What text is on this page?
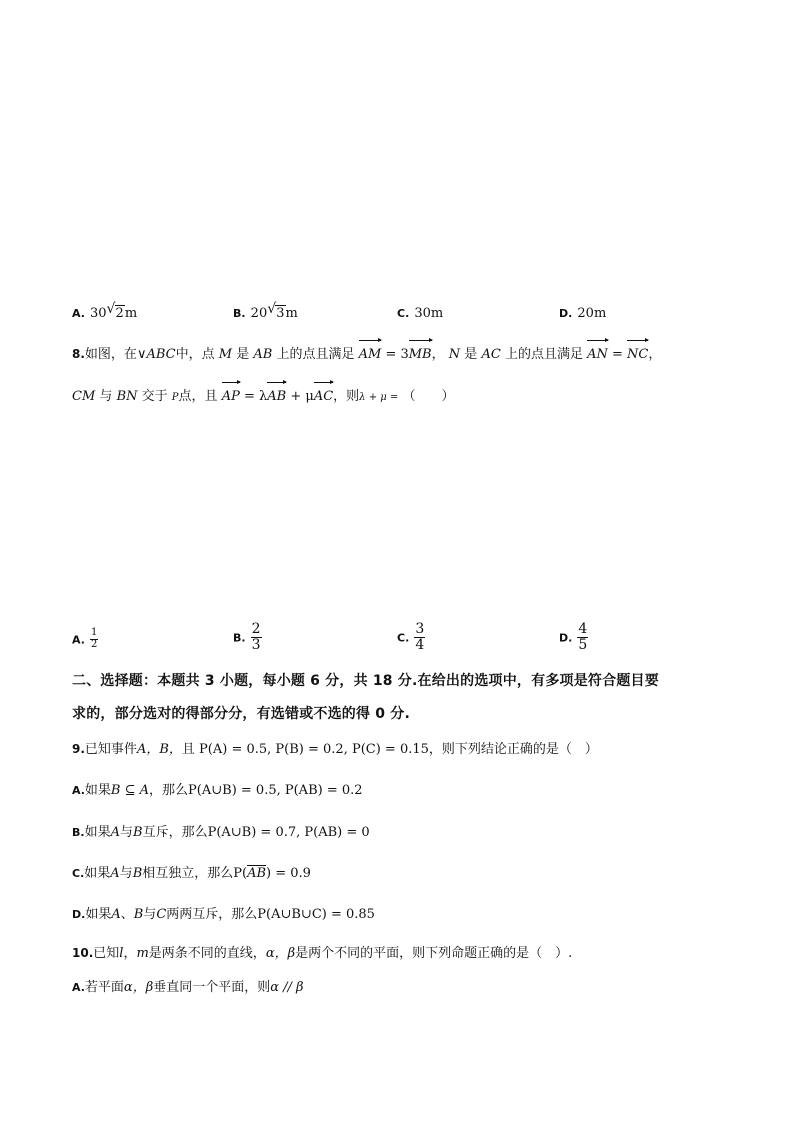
A. 30 √ 2m	B. 20 √ 3m	C. 30m	D. 20m
8.如图，在∨ABC中，点 M 是 AB 上的点且满足 AM = 3
MB， N 是 AC 上的点且满足 AN = NC，
CM 与 BN 交于 P点，且 AP = λ
AB + μ
AC，则λ + μ = （　　）
A. $\frac{1}{2}$	B. $\frac{2}{3}$	C. $\frac{3}{4}$	D. $\frac{4}{5}$
二、选择题：本题共 3 小题，每小题 6 分，共 18 分.在给出的选项中，有多项是符合题目要
求的，部分选对的得部分分，有选错或不选的得 0 分.
9.已知事件A，B，且 P(A) = 0.5, P(B) = 0.2, P(C) = 0.15，则下列结论正确的是（　）
A.如果B ⊆ A，那么P(A∪B) = 0.5, P(AB) = 0.2
B.如果A与B互斥，那么P(A∪B) = 0.7, P(AB) = 0
C.如果A与B相互独立，那么P(AB) = 0.9
D.如果A、B与C两两互斥，那么P(A∪B∪C) = 0.85
10.已知l，m是两条不同的直线，α，β是两个不同的平面，则下列命题正确的是（　）.
A.若平面α，β垂直同一个平面，则α // β
